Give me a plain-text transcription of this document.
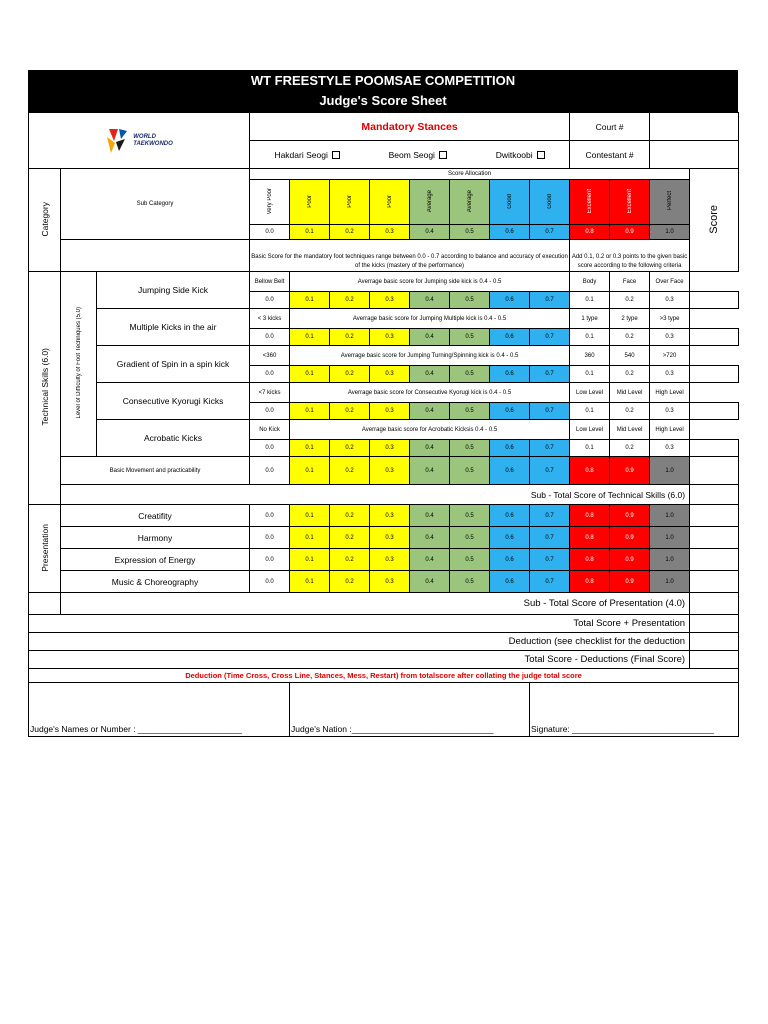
WT FREESTYLE POOMSAE COMPETITION
Judge's Score Sheet
WORLD
TAEKWONDO			Mandatory Stances								Court #			

			Hakdari Seogi Beom Seogi Dwitkoobi								Contestant #			
Category	Sub Category		Score Allocation											Score
			Very Poor	Poor	Poor	Poor	Average	Average	Good	Good	Excellent	Excellent	Perfect	
			0.0	0.1	0.2	0.3	0.4	0.5	0.6	0.7	0.8	0.9	1.0	
			Basic Score for the mandatory foot techniques range between 0.0 - 0.7 according to balance and accuracy of execution of the kicks (mastery of the performance)								Add 0.1, 0.2 or 0.3 points to the given basic score according to the following criteria			
Technical Skills (6.0)	Level of Difficulty of Foot Techniques (5.0)	Jumping Side Kick	Bellow Belt	Averrage basic score for Jumping side kick is 0.4 - 0.5							Body	Face	Over Face	
			0.0	0.1	0.2	0.3	0.4	0.5	0.6	0.7	0.1	0.2	0.3	
		Multiple Kicks in the air	< 3 kicks	Averrage basic score for Jumping Multiple kick is 0.4 - 0.5							1 type	2 type	>3 type	
			0.0	0.1	0.2	0.3	0.4	0.5	0.6	0.7	0.1	0.2	0.3	
		Gradient of Spin in a spin kick	<360	Averrage basic score for Jumping Turning/Spinning kick is 0.4 - 0.5							360	540	>720	
			0.0	0.1	0.2	0.3	0.4	0.5	0.6	0.7	0.1	0.2	0.3	
		Consecutive Kyorugi Kicks	<7 kicks	Averrage basic score for Consecutive Kyorugi kick is 0.4 - 0.5							Low Level	Mid Level	High Level	
			0.0	0.1	0.2	0.3	0.4	0.5	0.6	0.7	0.1	0.2	0.3	
		Acrobatic Kicks	No Kick	Averrage basic score for Acrobatic Kicksis 0.4 - 0.5							Low Level	Mid Level	High Level	
			0.0	0.1	0.2	0.3	0.4	0.5	0.6	0.7	0.1	0.2	0.3	
	Basic Movement and practicability		0.0	0.1	0.2	0.3	0.4	0.5	0.6	0.7	0.8	0.9	1.0	
	Sub - Total Score of Technical Skills (6.0)													
Presentation	Creatifity		0.0	0.1	0.2	0.3	0.4	0.5	0.6	0.7	0.8	0.9	1.0	
	Harmony		0.0	0.1	0.2	0.3	0.4	0.5	0.6	0.7	0.8	0.9	1.0	
	Expression of Energy		0.0	0.1	0.2	0.3	0.4	0.5	0.6	0.7	0.8	0.9	1.0	
	Music & Choreography		0.0	0.1	0.2	0.3	0.4	0.5	0.6	0.7	0.8	0.9	1.0	
	Sub - Total Score of Presentation (4.0)													
Total Score + Presentation														
Deduction (see checklist for the deduction														
Total Score - Deductions (Final Score)														
Deduction (Time Cross, Cross Line, Stances, Mess, Restart) from totalscore after collating the judge total score														
Judge's Names or Number : ______________________				Judge's Nation :______________________________						Signature: ______________________________				
